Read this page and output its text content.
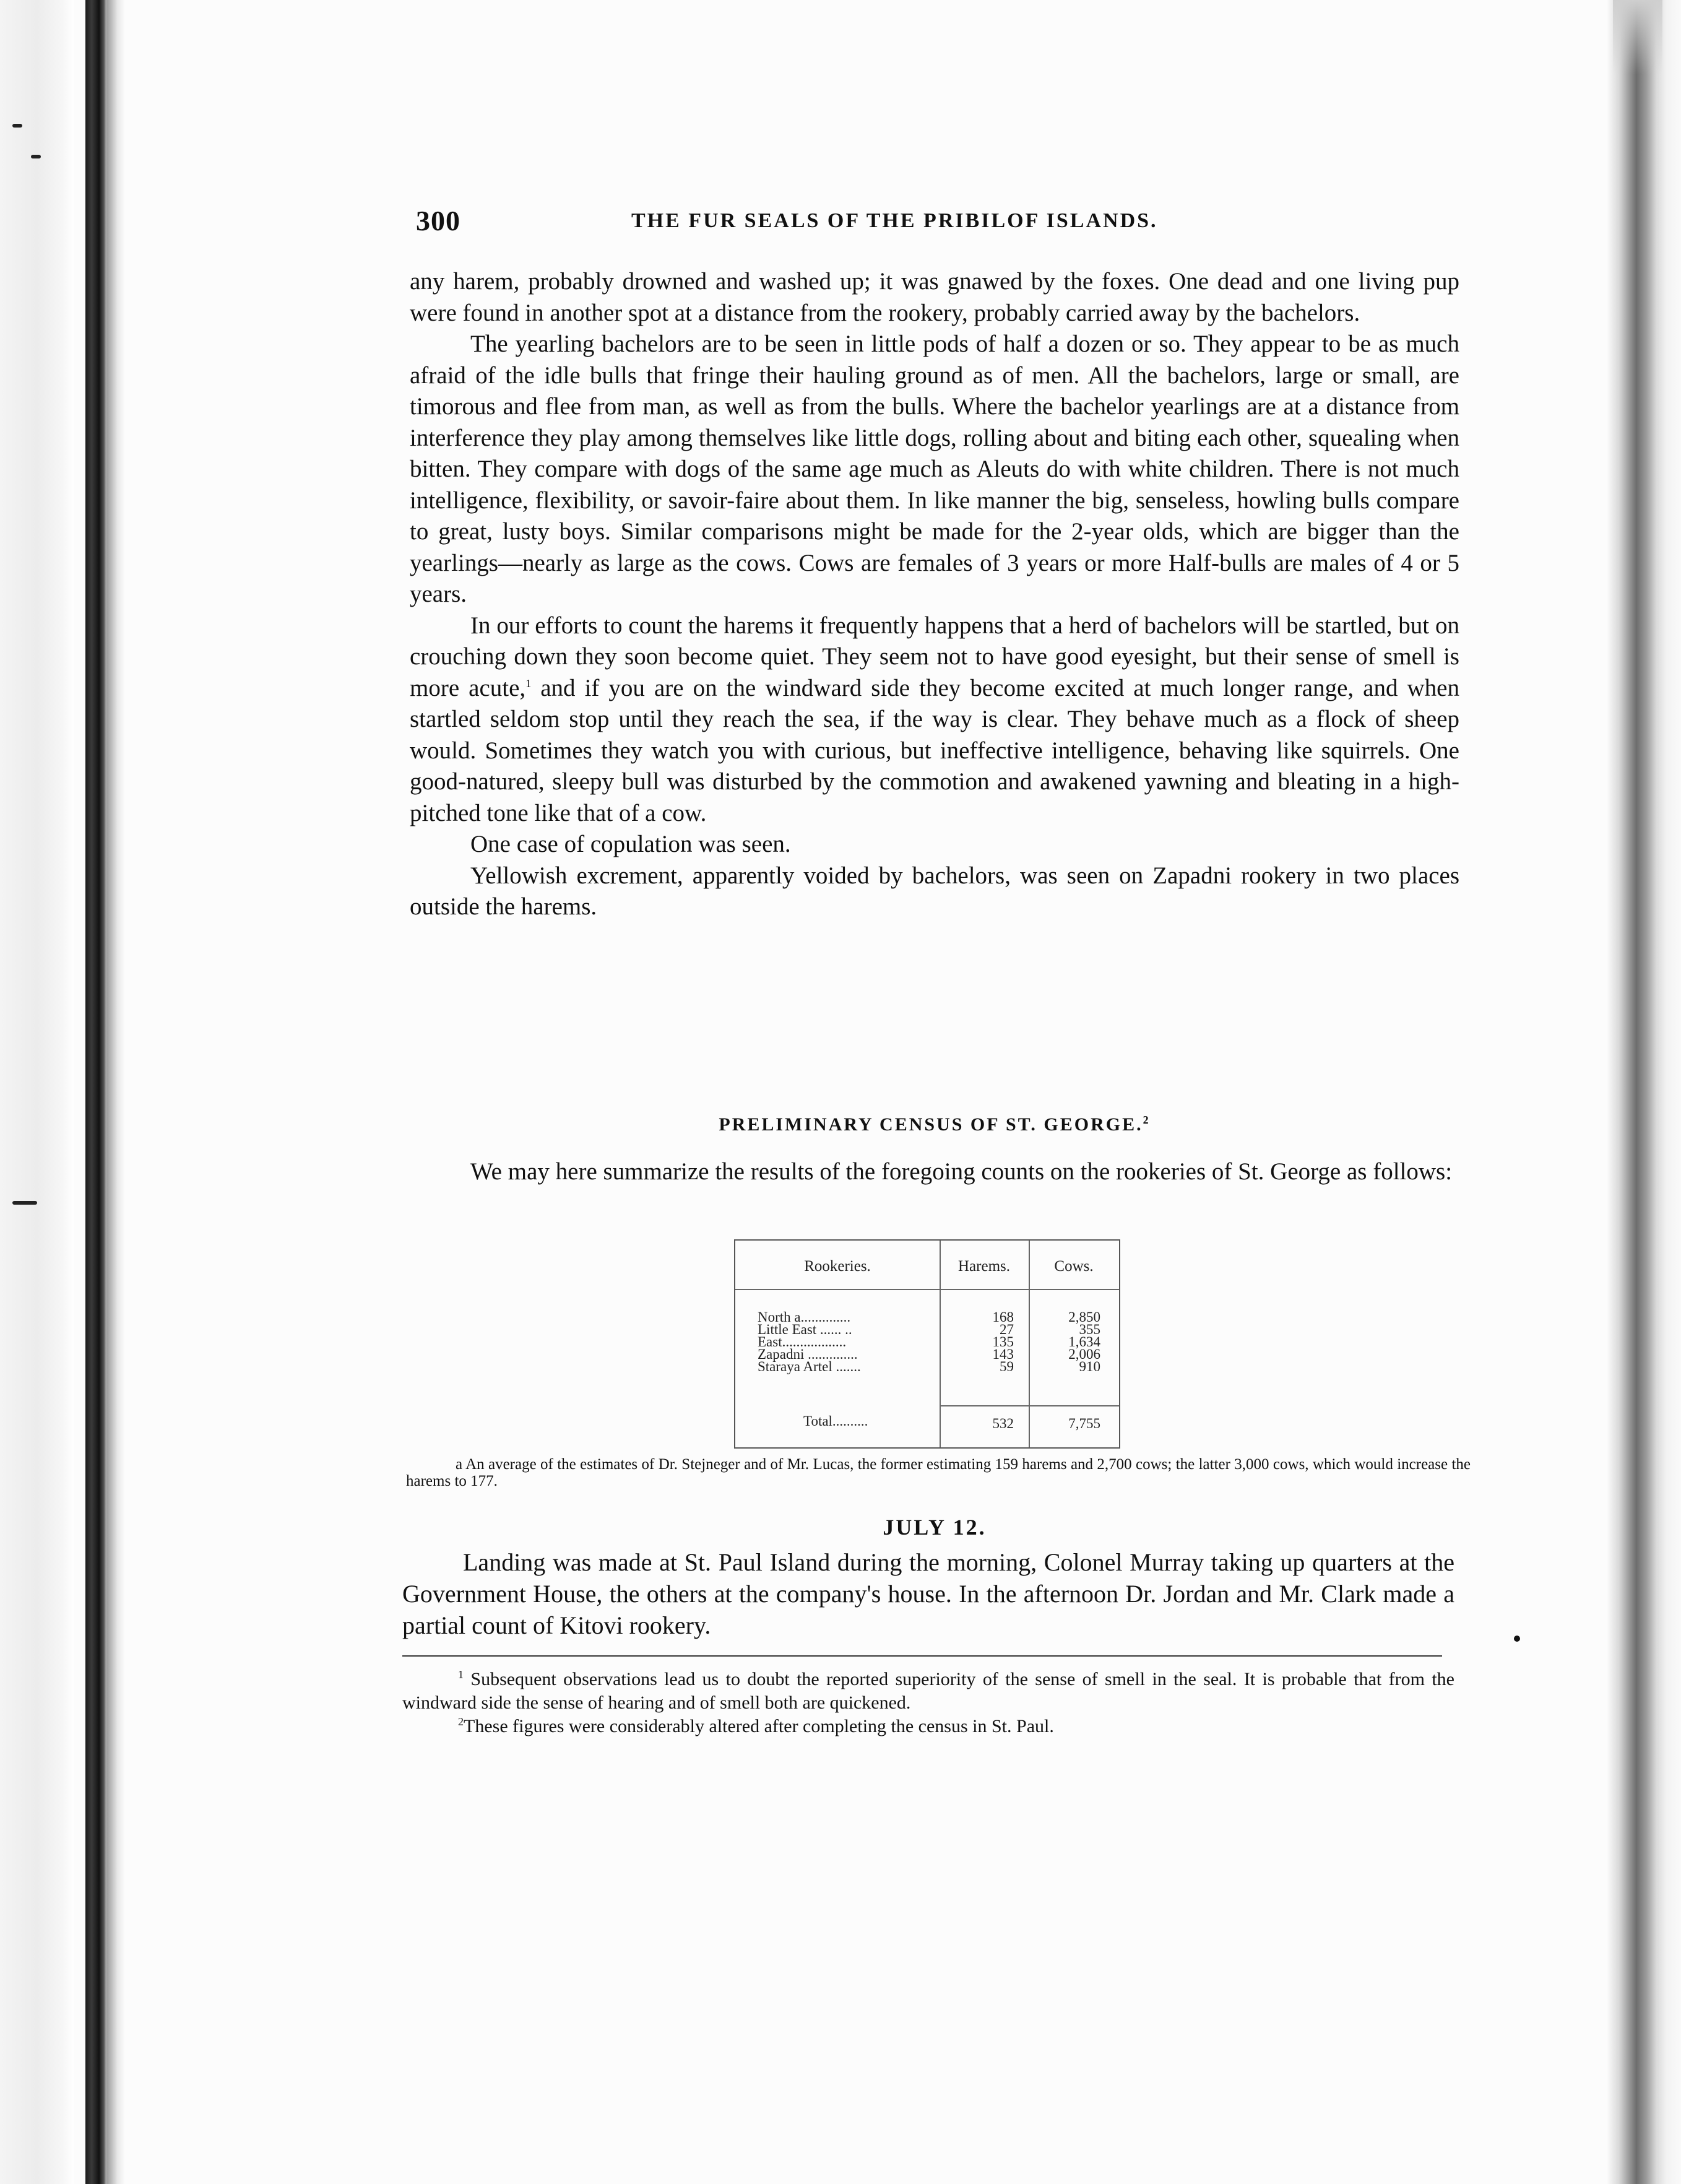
300	THE FUR SEALS OF THE PRIBILOF ISLANDS.

any harem, probably drowned and washed up; it was gnawed by the foxes. One dead and one living pup were found in another spot at a distance from the rookery, probably carried away by the bachelors.

The yearling bachelors are to be seen in little pods of half a dozen or so. They appear to be as much afraid of the idle bulls that fringe their hauling ground as of men. All the bachelors, large or small, are timorous and flee from man, as well as from the bulls. Where the bachelor yearlings are at a distance from interference they play among themselves like little dogs, rolling about and biting each other, squealing when bitten. They compare with dogs of the same age much as Aleuts do with white children. There is not much intelligence, flexibility, or savoir-faire about them. In like manner the big, senseless, howling bulls compare to great, lusty boys. Similar comparisons might be made for the 2-year olds, which are bigger than the yearlings—nearly as large as the cows. Cows are females of 3 years or more Half-bulls are males of 4 or 5 years.

In our efforts to count the harems it frequently happens that a herd of bachelors will be startled, but on crouching down they soon become quiet. They seem not to have good eyesight, but their sense of smell is more acute,$^1$ and if you are on the windward side they become excited at much longer range, and when startled seldom stop until they reach the sea, if the way is clear. They behave much as a flock of sheep would. Sometimes they watch you with curious, but ineffective intelligence, behaving like squirrels. One good-natured, sleepy bull was disturbed by the commotion and awakened yawning and bleating in a high-pitched tone like that of a cow.

One case of copulation was seen.

Yellowish excrement, apparently voided by bachelors, was seen on Zapadni rookery in two places outside the harems.

PRELIMINARY CENSUS OF ST. GEORGE.$^2$

We may here summarize the results of the foregoing counts on the rookeries of St. George as follows:

Rookeries.	Harems.	Cows.
North a..............	168	2,850
Little East ...... ..	27	355
East..................	135	1,634
Zapadni ..............	143	2,006
Staraya Artel .......	59	910
Total..........	532	7,755
a An average of the estimates of Dr. Stejneger and of Mr. Lucas, the former estimating 159 harems and 2,700 cows; the latter 3,000 cows, which would increase the harems to 177.
JULY 12.

Landing was made at St. Paul Island during the morning, Colonel Murray taking up quarters at the Government House, the others at the company's house. In the afternoon Dr. Jordan and Mr. Clark made a partial count of Kitovi rookery.

$^1$ Subsequent observations lead us to doubt the reported superiority of the sense of smell in the seal. It is probable that from the windward side the sense of hearing and of smell both are quickened.

$^2$These figures were considerably altered after completing the census in St. Paul.
